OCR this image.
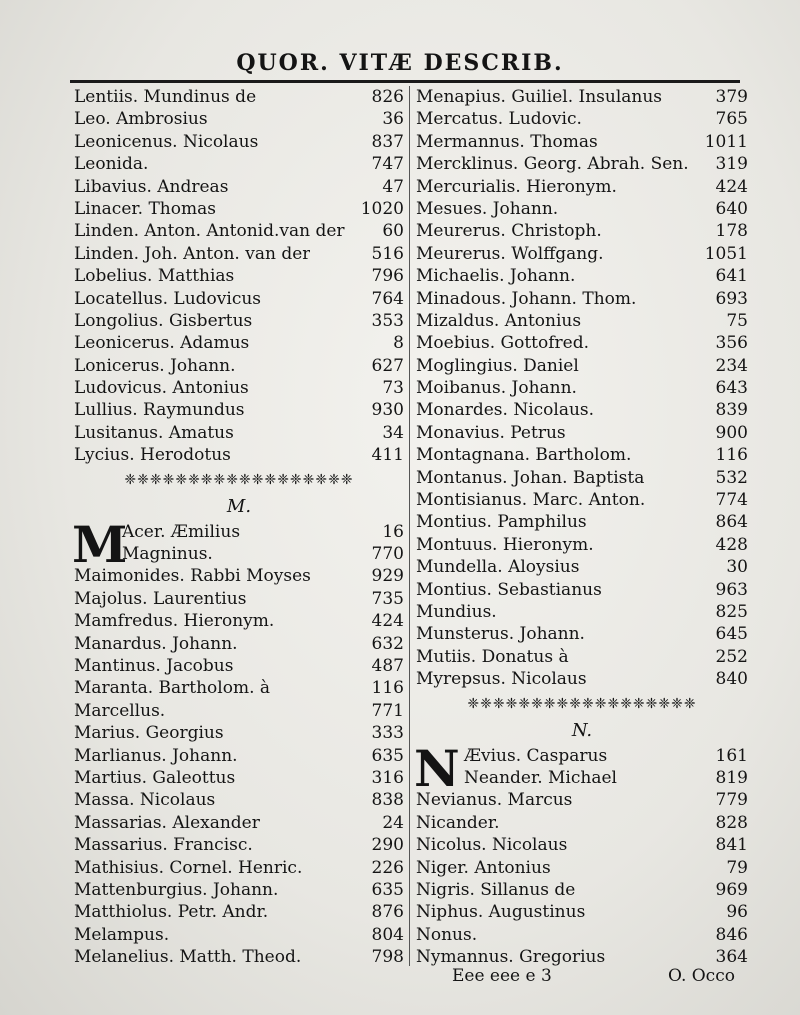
QUOR. VITÆ DESCRIB.
Lentiis. Mundinus de	826
Leo. Ambrosius	36
Leonicenus. Nicolaus	837
Leonida.	747
Libavius. Andreas	47
Linacer. Thomas	1020
Linden. Anton. Antonid.van der	60
Linden. Joh. Anton. van der	516
Lobelius. Matthias	796
Locatellus. Ludovicus	764
Longolius. Gisbertus	353
Leonicerus. Adamus	8
Lonicerus. Johann.	627
Ludovicus. Antonius	73
Lullius. Raymundus	930
Lusitanus. Amatus	34
Lycius. Herodotus	411
❈❈❈❈❈❈❈❈❈❈❈❈❈❈❈❈❈❈
M.
M
Acer. Æmilius	16
Magninus.	770
Maimonides. Rabbi Moyses	929
Majolus. Laurentius	735
Mamfredus. Hieronym.	424
Manardus. Johann.	632
Mantinus. Jacobus	487
Maranta. Bartholom. à	116
Marcellus.	771
Marius. Georgius	333
Marlianus. Johann.	635
Martius. Galeottus	316
Massa. Nicolaus	838
Massarias. Alexander	24
Massarius. Francisc.	290
Mathisius. Cornel. Henric.	226
Mattenburgius. Johann.	635
Matthiolus. Petr. Andr.	876
Melampus.	804
Melanelius. Matth. Theod.	798
Menapius. Guiliel. Insulanus	379
Mercatus. Ludovic.	765
Mermannus. Thomas	1011
Mercklinus. Georg. Abrah. Sen.	319
Mercurialis. Hieronym.	424
Mesues. Johann.	640
Meurerus. Christoph.	178
Meurerus. Wolffgang.	1051
Michaelis. Johann.	641
Minadous. Johann. Thom.	693
Mizaldus. Antonius	75
Moebius. Gottofred.	356
Moglingius. Daniel	234
Moibanus. Johann.	643
Monardes. Nicolaus.	839
Monavius. Petrus	900
Montagnana. Bartholom.	116
Montanus. Johan. Baptista	532
Montisianus. Marc. Anton.	774
Montius. Pamphilus	864
Montuus. Hieronym.	428
Mundella. Aloysius	30
Montius. Sebastianus	963
Mundius.	825
Munsterus. Johann.	645
Mutiis. Donatus à	252
Myrepsus. Nicolaus	840
❈❈❈❈❈❈❈❈❈❈❈❈❈❈❈❈❈❈
N.
N Ævius. Casparus	161
Neander. Michael	819
Nevianus. Marcus	779
Nicander.	828
Nicolus. Nicolaus	841
Niger. Antonius	79
Nigris. Sillanus de	969
Niphus. Augustinus	96
Nonus.	846
Nymannus. Gregorius	364
Eee eee e 3	O. Occo
